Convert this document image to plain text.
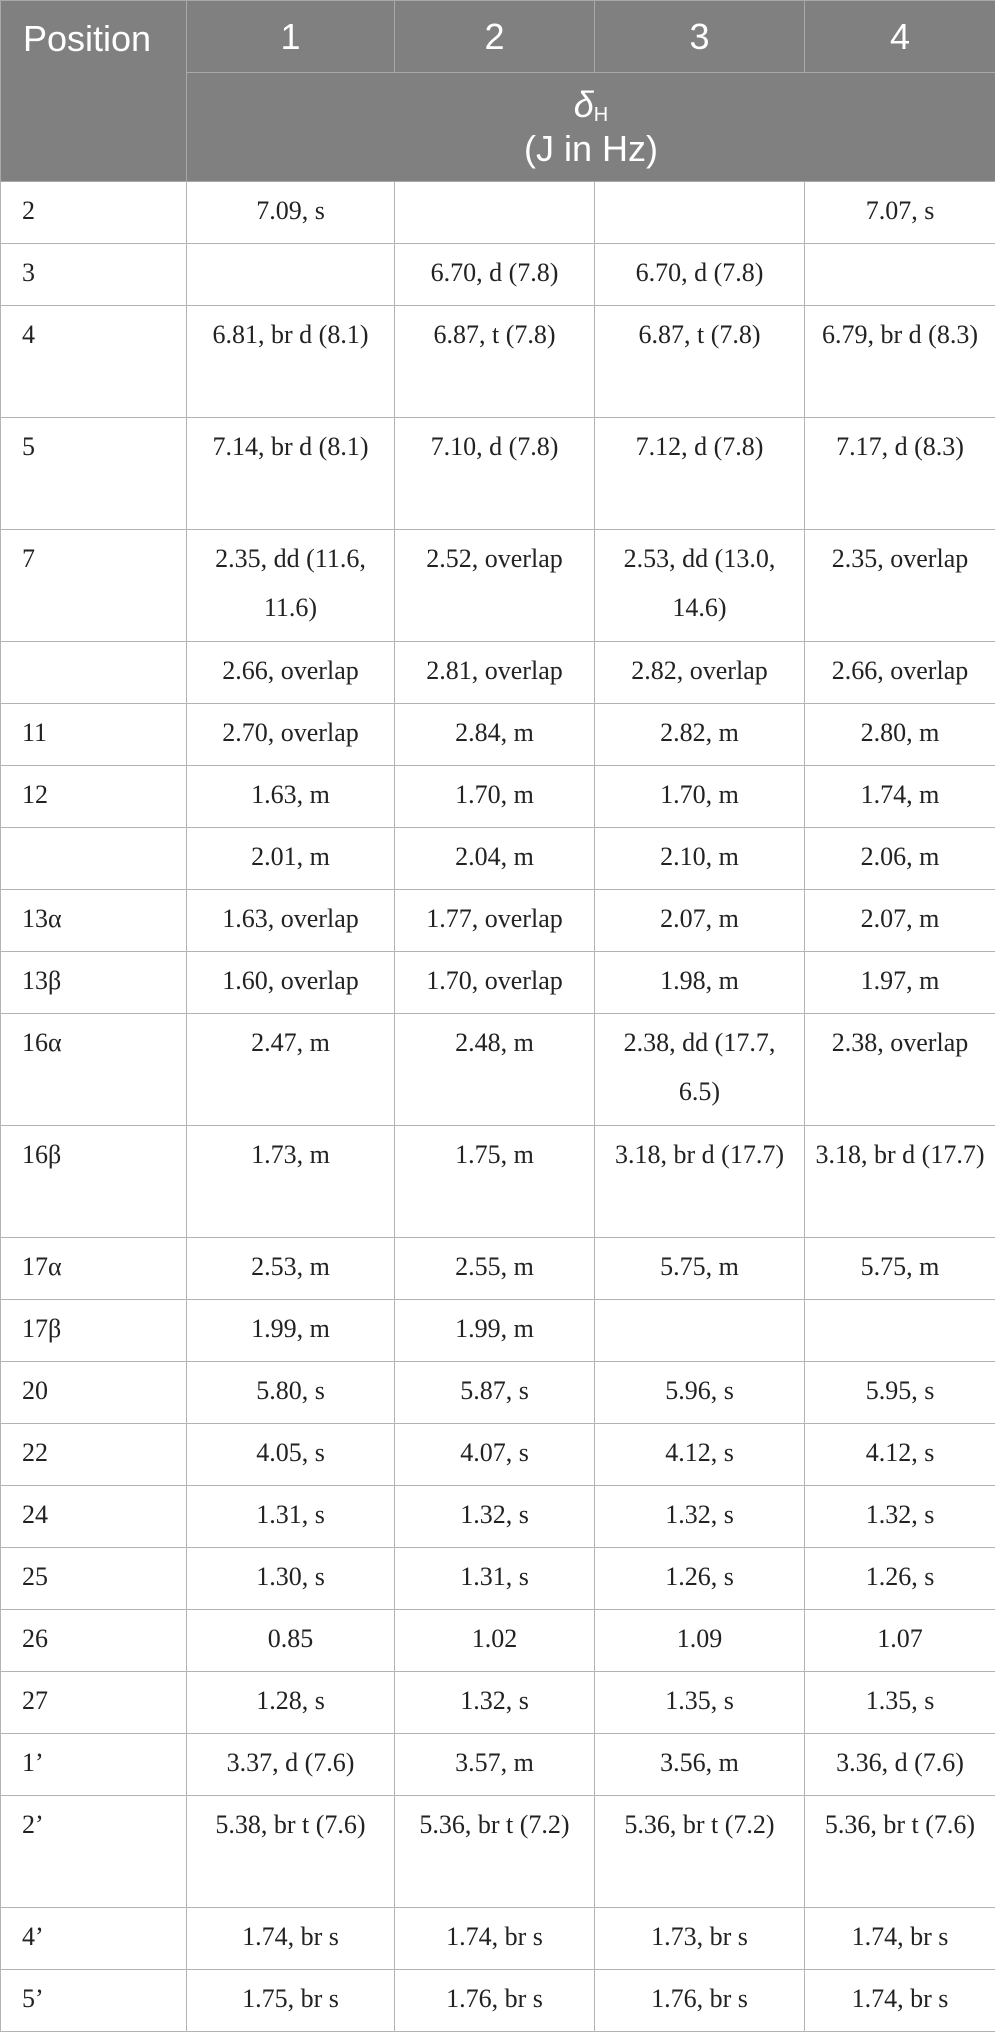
Position	1	2	3	4
	$\delta_H$
(J in Hz)			
2	7.09, s			7.07, s
3		6.70, d (7.8)	6.70, d (7.8)	
4	6.81, br d (8.1)	6.87, t (7.8)	6.87, t (7.8)	6.79, br d (8.3)
5	7.14, br d (8.1)	7.10, d (7.8)	7.12, d (7.8)	7.17, d (8.3)
7	2.35, dd (11.6, 11.6)	2.52, overlap	2.53, dd (13.0, 14.6)	2.35, overlap
	2.66, overlap	2.81, overlap	2.82, overlap	2.66, overlap
11	2.70, overlap	2.84, m	2.82, m	2.80, m
12	1.63, m	1.70, m	1.70, m	1.74, m
	2.01, m	2.04, m	2.10, m	2.06, m
13α	1.63, overlap	1.77, overlap	2.07, m	2.07, m
13β	1.60, overlap	1.70, overlap	1.98, m	1.97, m
16α	2.47, m	2.48, m	2.38, dd (17.7, 6.5)	2.38, overlap
16β	1.73, m	1.75, m	3.18, br d (17.7)	3.18, br d (17.7)
17α	2.53, m	2.55, m	5.75, m	5.75, m
17β	1.99, m	1.99, m		
20	5.80, s	5.87, s	5.96, s	5.95, s
22	4.05, s	4.07, s	4.12, s	4.12, s
24	1.31, s	1.32, s	1.32, s	1.32, s
25	1.30, s	1.31, s	1.26, s	1.26, s
26	0.85	1.02	1.09	1.07
27	1.28, s	1.32, s	1.35, s	1.35, s
1’	3.37, d (7.6)	3.57, m	3.56, m	3.36, d (7.6)
2’	5.38, br t (7.6)	5.36, br t (7.2)	5.36, br t (7.2)	5.36, br t (7.6)
4’	1.74, br s	1.74, br s	1.73, br s	1.74, br s
5’	1.75, br s	1.76, br s	1.76, br s	1.74, br s
